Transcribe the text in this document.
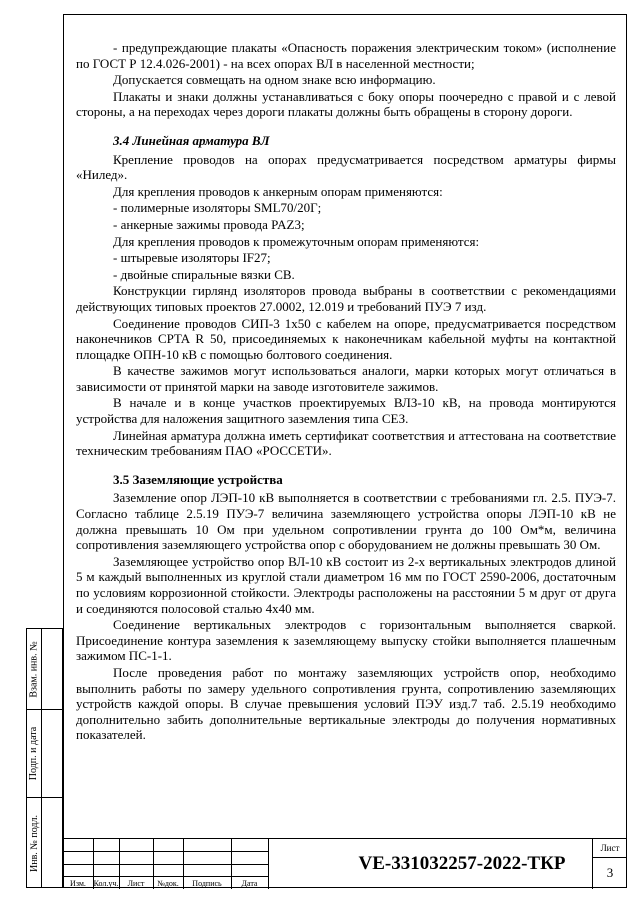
- предупреждающие плакаты «Опасность поражения электрическим током» (исполнение по ГОСТ Р 12.4.026-2001) - на всех опорах ВЛ в населенной местности;

Допускается совмещать на одном знаке всю информацию.

Плакаты и знаки должны устанавливаться с боку опоры поочередно с правой и с левой стороны, а на переходах через дороги плакаты должны быть обращены в сторону дороги.

3.4 Линейная арматура ВЛ

Крепление проводов на опорах предусматривается посредством арматуры фирмы «Нилед».

Для крепления проводов к анкерным опорам применяются:

- полимерные изоляторы SML70/20Г;

- анкерные зажимы провода PAZ3;

Для крепления проводов к промежуточным опорам применяются:

- штыревые изоляторы IF27;

- двойные спиральные вязки СВ.

Конструкции гирлянд изоляторов провода выбраны в соответствии с рекомендациями действующих типовых проектов 27.0002, 12.019 и требований ПУЭ 7 изд.

Соединение проводов СИП-3 1х50 с кабелем на опоре, предусматривается посредством наконечников CPTA R 50, присоединяемых к наконечникам кабельной муфты на контактной площадке ОПН-10 кВ с помощью болтового соединения.

В качестве зажимов могут использоваться аналоги, марки которых могут отличаться в зависимости от принятой марки на заводе изготовителе зажимов.

В начале и в конце участков проектируемых ВЛЗ-10 кВ, на провода монтируются устройства для наложения защитного заземления типа СЕЗ.

Линейная арматура должна иметь сертификат соответствия и аттестована на соответствие техническим требованиям ПАО «РОССЕТИ».

3.5 Заземляющие устройства

Заземление опор ЛЭП-10 кВ выполняется в соответствии с требованиями гл. 2.5. ПУЭ-7. Согласно таблице 2.5.19 ПУЭ-7 величина заземляющего устройства опоры ЛЭП-10 кВ не должна превышать 10 Ом при удельном сопротивлении грунта до 100 Ом*м, величина сопротивления заземляющего устройства опор с оборудованием не должны превышать 30 Ом.

Заземляющее устройство опор ВЛ-10 кВ состоит из 2-х вертикальных электродов длиной 5 м каждый выполненных из круглой стали диаметром 16 мм по ГОСТ 2590-2006, достаточным по условиям коррозионной стойкости. Электроды расположены на расстоянии 5 м друг от друга и соединяются полосовой сталью 4х40 мм.

Соединение вертикальных электродов с горизонтальным выполняется сваркой. Присоединение контура заземления к заземляющему выпуску стойки выполняется плашечным зажимом ПС-1-1.

После проведения работ по монтажу заземляющих устройств опор, необходимо выполнить работы по замеру удельного сопротивления грунта, сопротивлению заземляющих устройств каждой опоры. В случае превышения условий ПЭУ изд.7 таб. 2.5.19 необходимо дополнительно забить дополнительные вертикальные электроды до получения нормативных показателей.

Взам. инв. №
Подп. и дата
Инв. № подл.
Изм. Кол.уч.	Лист	№док.	Подпись	Дата
VE-331032257-2022-ТКР
Лист
3
